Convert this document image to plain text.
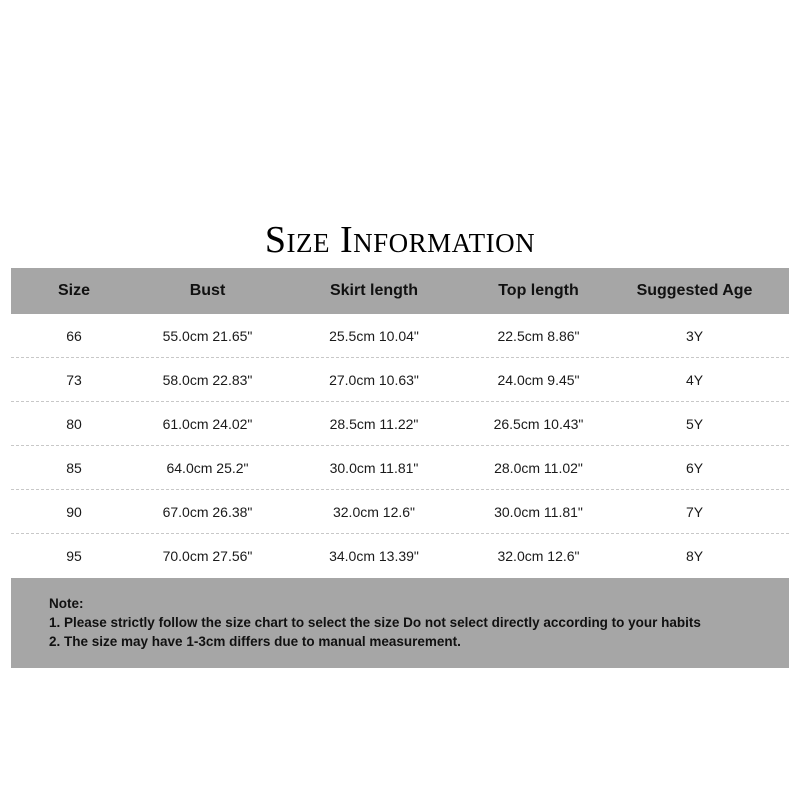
Size Information
Size	Bust	Skirt length	Top length	Suggested Age
66	55.0cm 21.65"	25.5cm 10.04"	22.5cm 8.86"	3Y
73	58.0cm 22.83"	27.0cm 10.63"	24.0cm 9.45"	4Y
80	61.0cm 24.02"	28.5cm 11.22"	26.5cm 10.43"	5Y
85	64.0cm 25.2"	30.0cm 11.81"	28.0cm 11.02"	6Y
90	67.0cm 26.38"	32.0cm 12.6"	30.0cm 11.81"	7Y
95	70.0cm 27.56"	34.0cm 13.39"	32.0cm 12.6"	8Y
Note:
1. Please strictly follow the size chart to select the size Do not select directly according to your habits
2. The size may have 1-3cm differs due to manual measurement.
